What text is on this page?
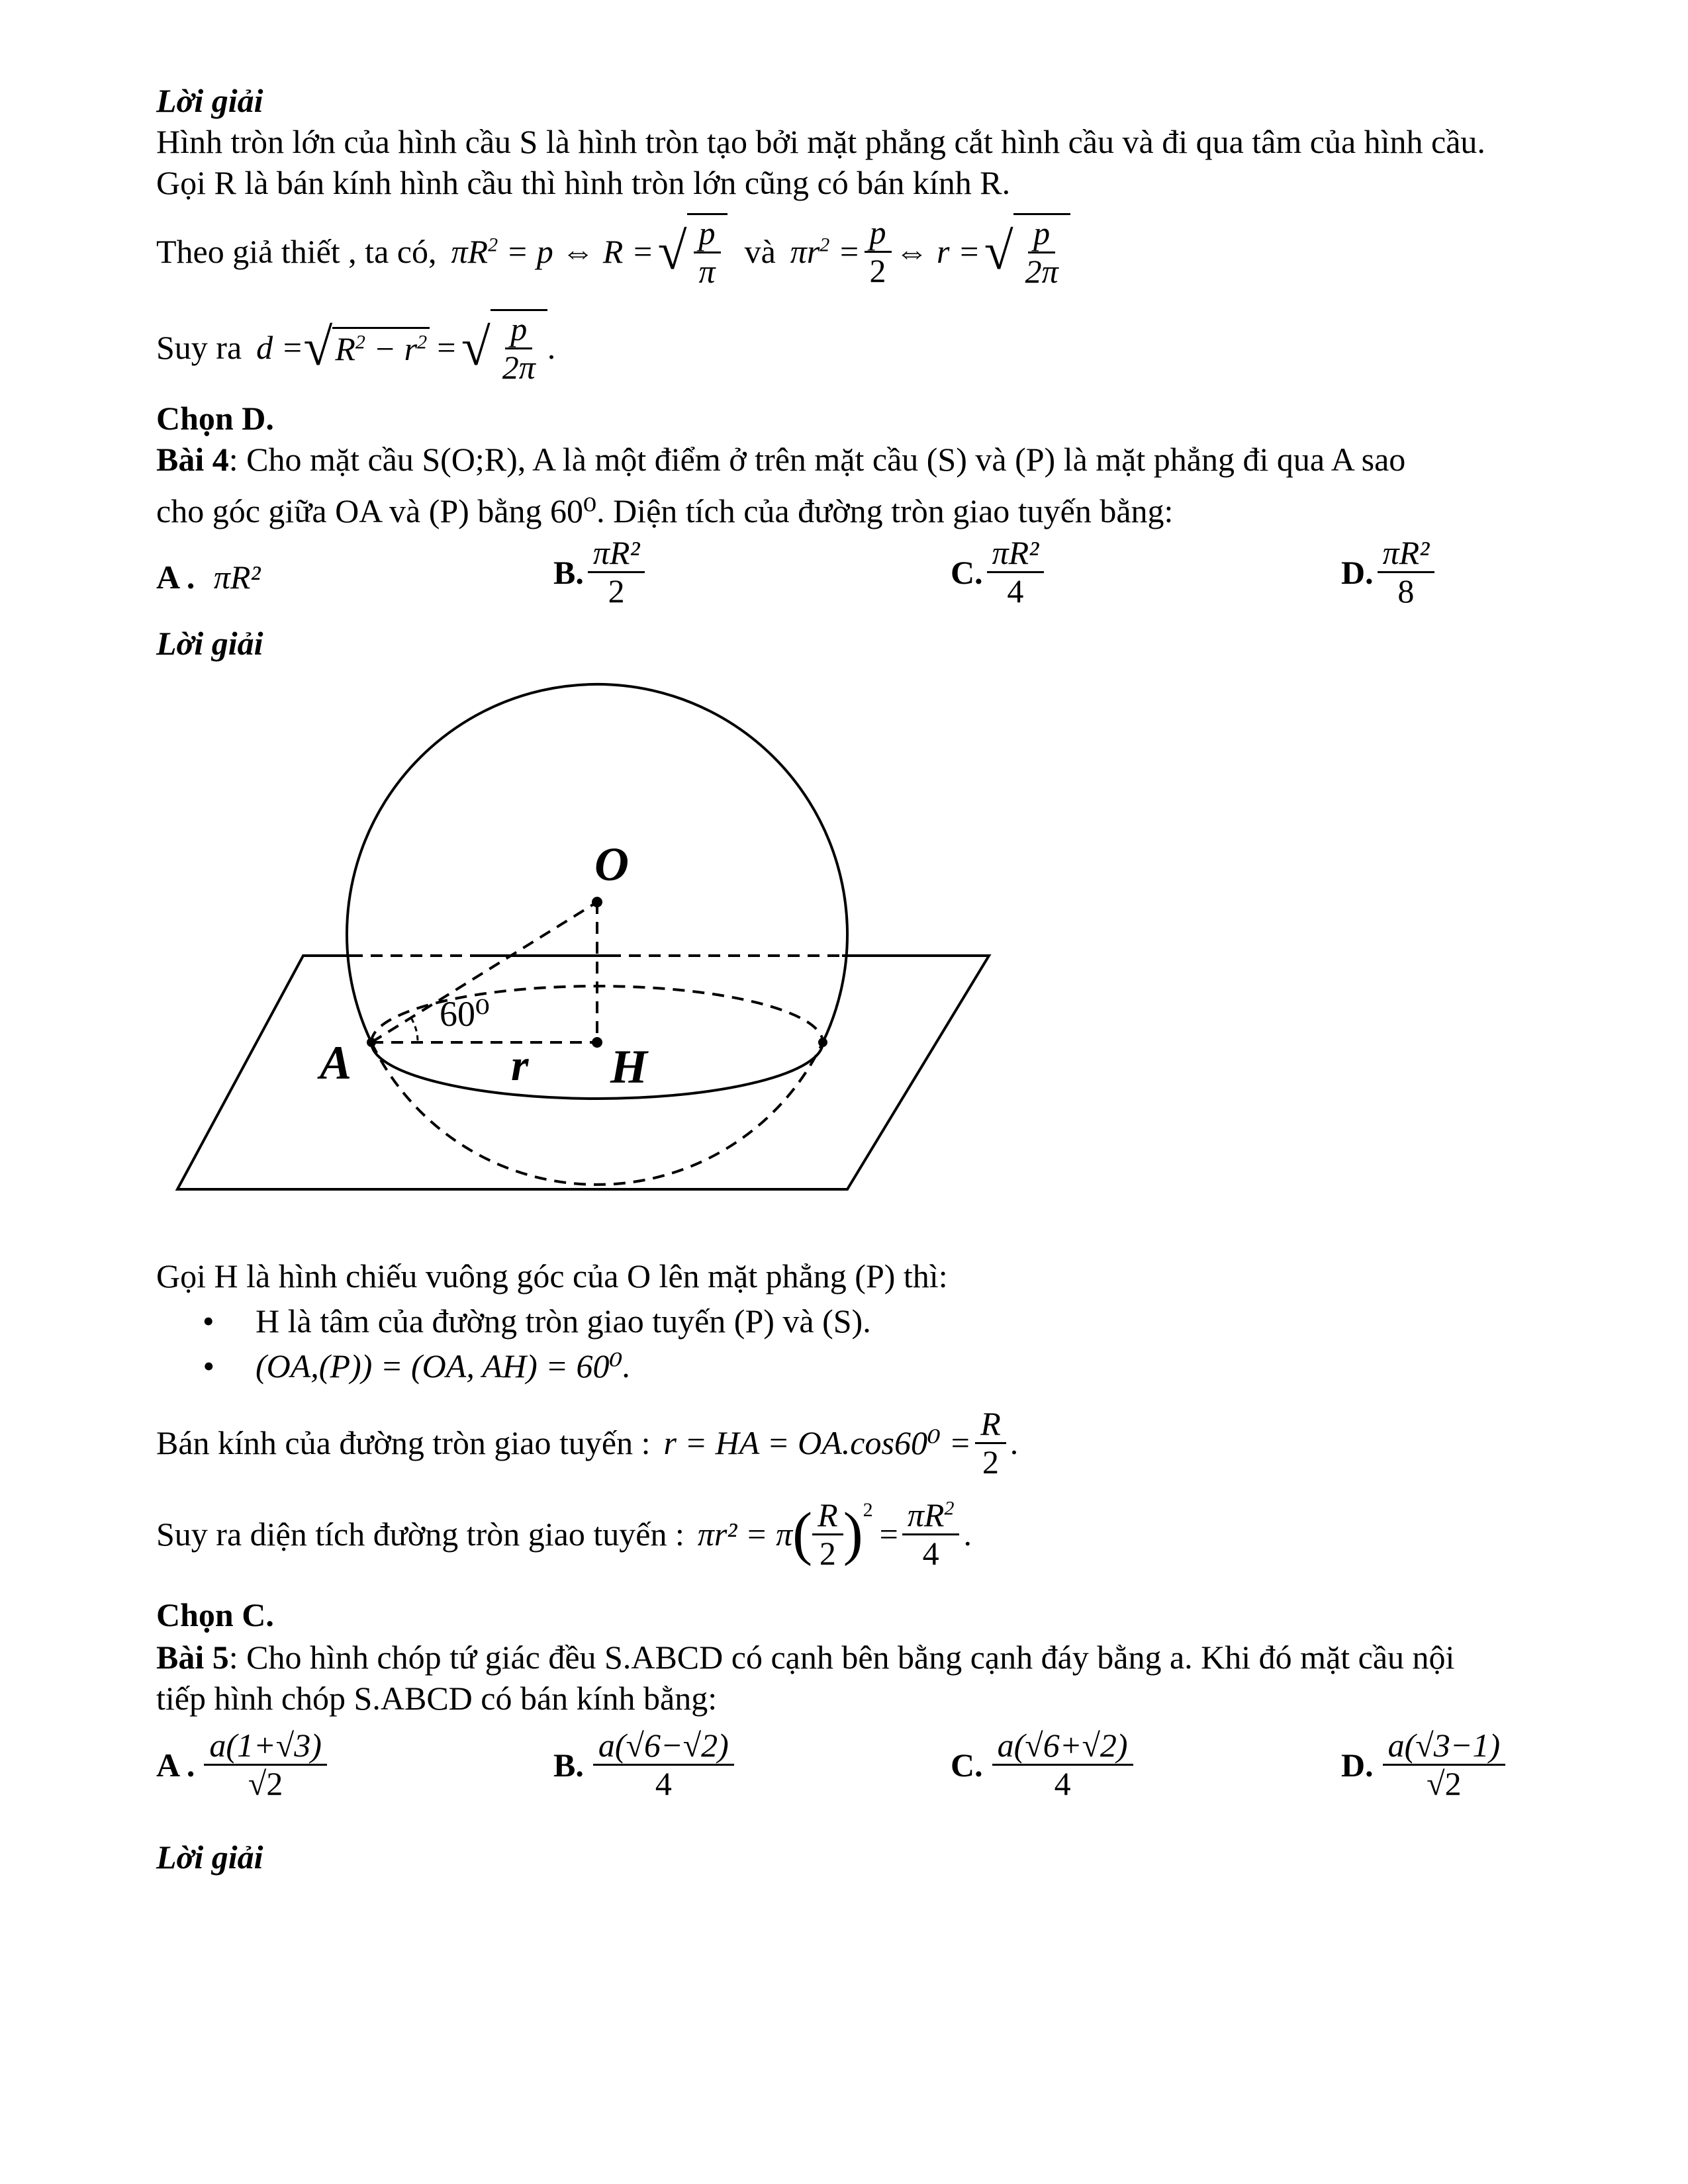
Lời giải
Hình tròn lớn của hình cầu S là hình tròn tạo bởi mặt phẳng cắt hình cầu và đi qua tâm của hình cầu.
Gọi R là bán kính hình cầu thì hình tròn lớn cũng có bán kính R.
Theo giả thiết , ta có, $\pi R^2 = p$ ⇔ R = √ $\frac{p}{\pi}$ và $\pi r^2 = \frac{p}{2}$ ⇔ r = √ $\frac{p}{2\pi}$
Suy ra d = √ $R^2 - r^2$ = √ $\frac{p}{2\pi}$ .
Chọn D.
Bài 4: Cho mặt cầu S(O;R), A là một điểm ở trên mặt cầu (S) và (P) là mặt phẳng đi qua A sao
cho góc giữa OA và (P) bằng 60⁰. Diện tích của đường tròn giao tuyến bằng:
A . πR²	B. $\frac{\text{πR²}}{2}$	C. $\frac{\text{πR²}}{4}$	D. $\frac{\text{πR²}}{8}$
Lời giải
O
A	H
r
60⁰
Gọi H là hình chiếu vuông góc của O lên mặt phẳng (P) thì:
• H là tâm của đường tròn giao tuyến (P) và (S).
• (OA,(P)) = (OA, AH) = 60⁰.
Bán kính của đường tròn giao tuyến : r = HA = $OA.\cos 60^0 = \frac{R}{2}$ .
Suy ra diện tích đường tròn giao tuyến : πr² = π ( $\frac{R}{2} )^2$
= $\frac{\pi R^2}{4}$ .
Chọn C.
Bài 5: Cho hình chóp tứ giác đều S.ABCD có cạnh bên bằng cạnh đáy bằng a. Khi đó mặt cầu nội
tiếp hình chóp S.ABCD có bán kính bằng:
A . $\frac{a(1+√3)}{√2}$	B. $\frac{a(√6-√2)}{4}$	C. $\frac{a(√6+√2)}{4}$	D. $\frac{a(√3-1)}{√2}$
Lời giải
